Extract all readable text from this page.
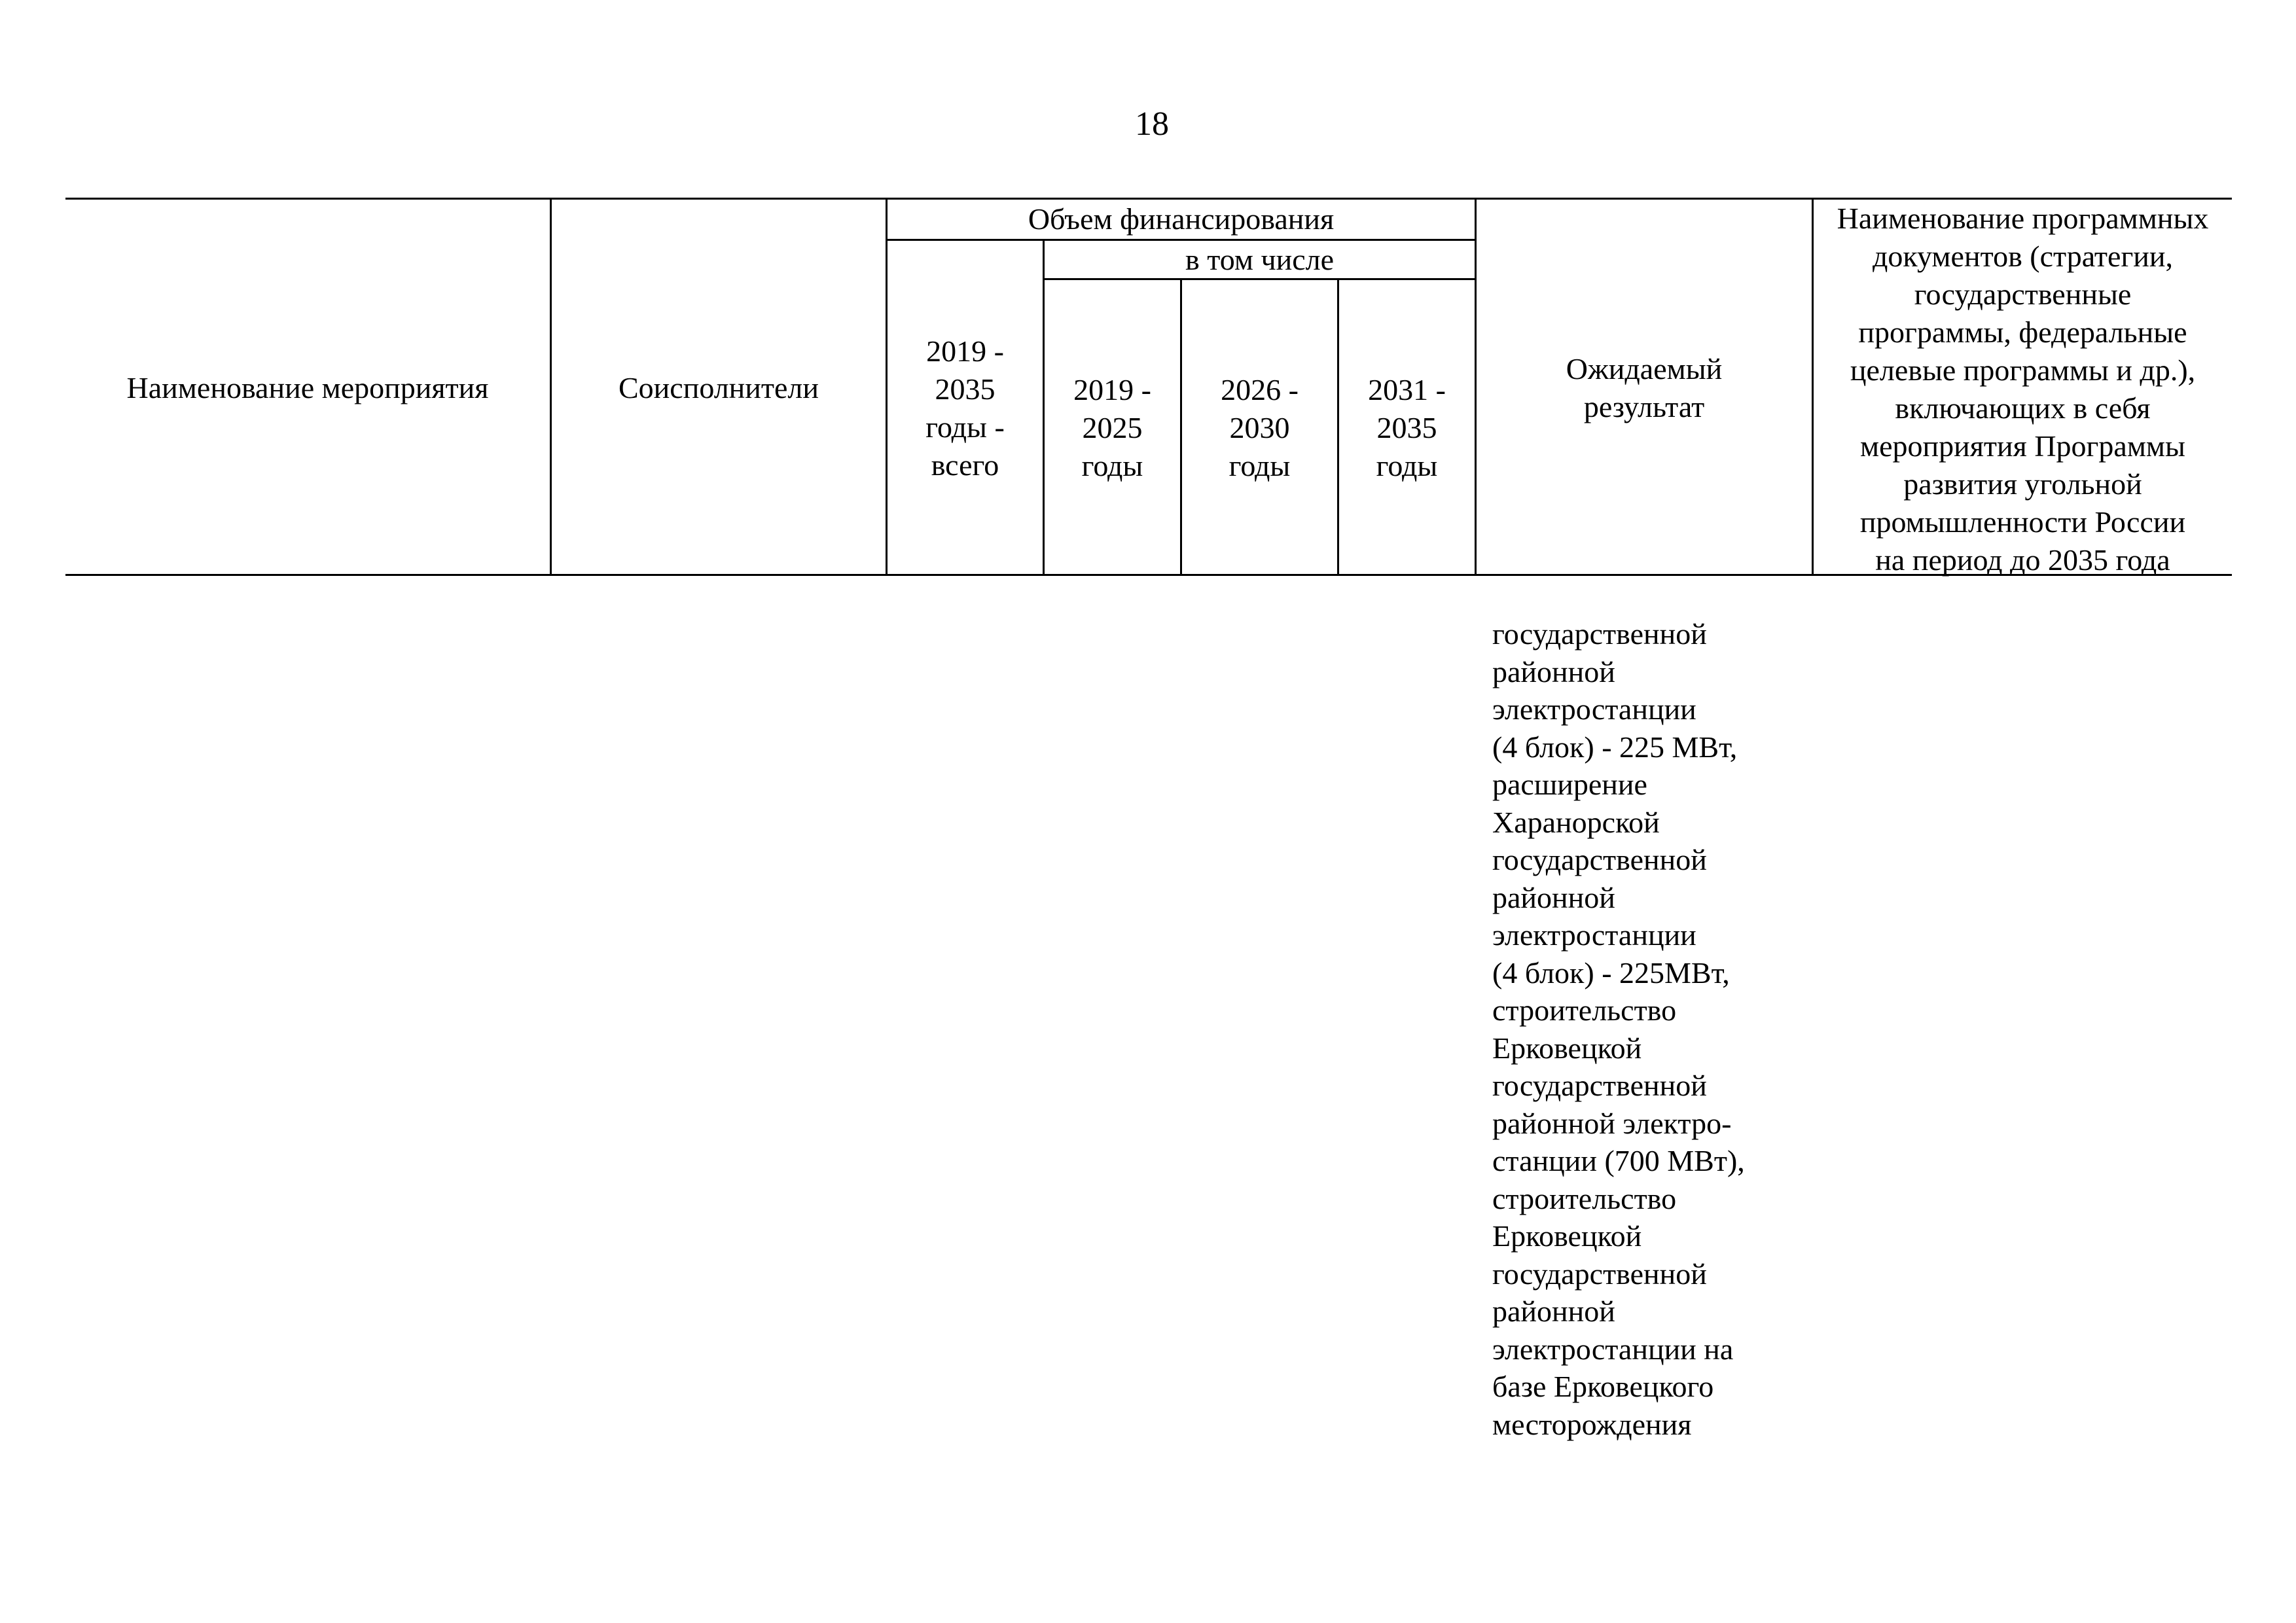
18
Наименование мероприятия	Соисполнители
Объем финансирования
в том числе
2019 -
2035
годы -
всего
2019 -
2025
годы
2026 -
2030
годы
2031 -
2035
годы
Ожидаемый
результат
Наименование программных
документов (стратегии,
государственные
программы, федеральные
целевые программы и др.),
включающих в себя
мероприятия Программы
развития угольной
промышленности России
на период до 2035 года
государственной
районной
электростанции
(4 блок) - 225 МВт,
расширение
Харанорской
государственной
районной
электростанции
(4 блок) - 225МВт,
строительство
Ерковецкой
государственной
районной электро-
станции (700 МВт),
строительство
Ерковецкой
государственной
районной
электростанции на
базе Ерковецкого
месторождения
